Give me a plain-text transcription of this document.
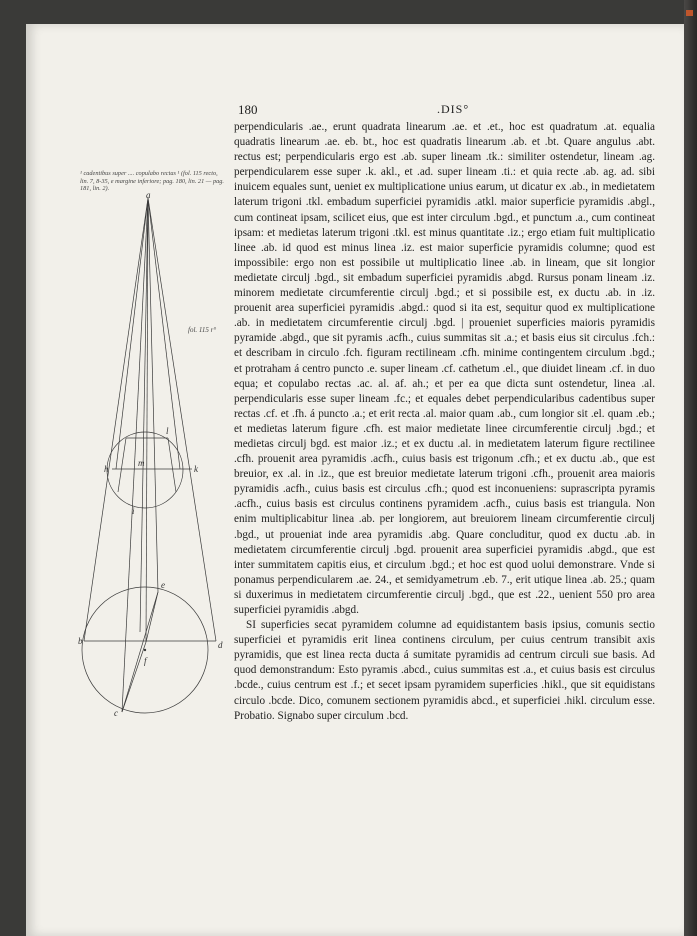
180	.DIS°
¹ cadentibus super .... copulabo rectas ¹ (fol. 115 recto, lin. 7, 8-35, e margine inferiore; pag. 180, lin. 21 — pag. 181, lin. 2).
fol. 115 r°
a
l
h
m
k
i
e
b	d
f
c

perpendicularis .ae., erunt quadrata linearum .ae. et .et., hoc est quadratum .at. equalia quadratis linearum .ae. eb. bt., hoc est quadratis linearum .ab. et .bt. Quare angulus .abt. rectus est; perpendicularis ergo est .ab. super lineam .tk.: similiter ostendetur, lineam .ag. perpendicularem esse super .k. akl., et .ad. super lineam .ti.: et quia recte .ab. ag. ad. sibi inuicem equales sunt, ueniet ex multiplicatione unius earum, ut dicatur ex .ab., in medietatem laterum trigoni .tkl. embadum superficiei pyramidis .atkl. maior superficie pyramidis .abgl., cum contineat ipsam, scilicet eius, que est inter circulum .bgd., et punctum .a., cum contineat ipsam: et medietas laterum trigoni .tkl. est minus quantitate .iz.; ergo etiam fuit multiplicatio linee .ab. id quod est minus linea .iz. est maior superficie pyramidis columne; quod est impossibile: ergo non est possibile ut multiplicatio linee .ab. in lineam, que sit longior medietate circulj .bgd., sit embadum superficiei pyramidis .abgd. Rursus ponam lineam .iz. minorem medietate circumferentie circulj .bgd.; et si possibile est, ex ductu .ab. in .iz. prouenit area superficiei pyramidis .abgd.: quod si ita est, sequitur quod ex multiplicatione .ab. in medietatem circumferentie circulj .bgd. | proueniet superficies maioris pyramidis pyramide .abgd., que sit pyramis .acfh., cuius summitas sit .a.; et basis eius sit circulus .fch.: et describam in circulo .fch. figuram rectilineam .cfh. minime contingentem circulum .bgd.; et protraham á centro puncto .e. super lineam .cf. cathetum .el., que diuidet lineam .cf. in duo equa; et copulabo rectas .ac. al. af. ah.; et per ea que dicta sunt ostendetur, linea .al. perpendicularis esse super lineam .fc.; et equales debet perpendicularibus cadentibus super rectas .cf. et .fh. á puncto .a.; et erit recta .al. maior quam .ab., cum longior sit .el. quam .eb.; et medietas laterum figure .cfh. est maior medietate linee circumferentie circulj .bgd.; et medietas circulj bgd. est maior .iz.; et ex ductu .al. in medietatem laterum figure rectilinee .cfh. prouenit area pyramidis .acfh., cuius basis est trigonum .cfh.; et ex ductu .ab., que est breuior, ex .al. in .iz., que est breuior medietate laterum trigoni .cfh., prouenit area maioris pyramidis .acfh., cuius basis est circulus .cfh.; quod est inconueniens: suprascripta pyramis .acfh., cuius basis est circulus continens pyramidem .acfh., cuius basis est triangula. Non enim multiplicabitur linea .ab. per longiorem, aut breuiorem lineam circumferentie circulj .bgd., ut proueniat inde area pyramidis .abg. Quare concluditur, quod ex ductu .ab. in medietatem circumferentie circulj .bgd. prouenit area superficiei pyramidis .abgd., que est inter summitatem capitis eius, et circulum .bgd.; et hoc est quod uolui demonstrare. Vnde si ponamus perpendicularem .ae. 24., et semidyametrum .eb. 7., erit utique linea .ab. 25.; quam si duxerimus in medietatem circumferentie circulj .bgd., que est .22., uenient 550 pro area superficiei pyramidis .abgd.

SI superficies secat pyramidem columne ad equidistantem basis ipsius, comunis sectio superficiei et pyramidis erit linea continens circulum, per cuius centrum transibit axis pyramidis, que est linea recta ducta á sumitate pyramidis ad centrum circuli sue basis. Ad quod demonstrandum: Esto pyramis .abcd., cuius summitas est .a., et cuius basis est circulus .bcde., cuius centrum est .f.; et secet ipsam pyramidem superficies .hikl., que sit equidistans circulo .bcde. Dico, comunem sectionem pyramidis abcd., et superficiei .hikl. circulum esse. Probatio. Signabo super circulum .bcd.
